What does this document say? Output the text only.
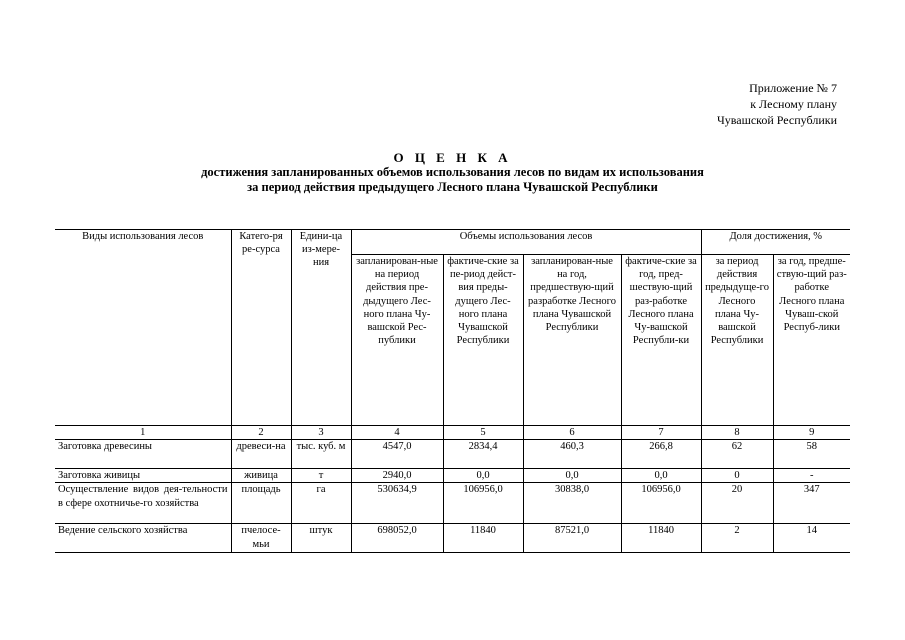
Приложение № 7
к Лесному плану
Чувашской Республики
О Ц Е Н К А
достижения запланированных объемов использования лесов по видам их использования
за период действия предыдущего Лесного плана Чувашской Республики
Виды использования лесов	Катего-ря ре-сурса	Едини-ца из-мере-ния	Объемы использования лесов				Доля достижения, %	
			запланирован-ные на период действия пре-дыдущего Лес-ного плана Чу-вашской Рес-публики	фактиче-ские за пе-риод дейст-вия преды-дущего Лес-ного плана Чувашской Республики	запланирован-ные на год, предшествую-щий разработке Лесного плана Чувашской Республики	фактиче-ские за год, пред-шествую-щий раз-работке Лесного плана Чу-вашской Республи-ки	за период действия предыдуще-го Лесного плана Чу-вашской Республики	за год, предше-ствую-щий раз-работке Лесного плана Чуваш-ской Респуб-лики
1	2	3	4	5	6	7	8	9
Заготовка древесины	древеси-на	тыс. куб. м	4547,0	2834,4	460,3	266,8	62	58
Заготовка живицы	живица	т	2940,0	0,0	0,0	0,0	0	-
Осуществление видов дея-тельности в сфере охотничье-го хозяйства	площадь	га	530634,9	106956,0	30838,0	106956,0	20	347
Ведение сельского хозяйства	пчелосе-мьи	штук	698052,0	11840	87521,0	11840	2	14
